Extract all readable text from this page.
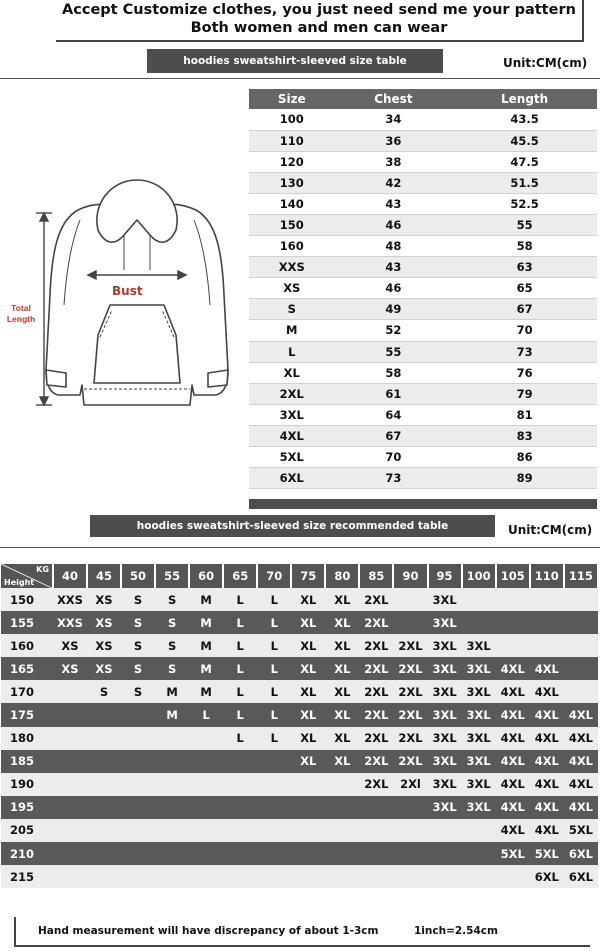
Accept Customize clothes, you just need send me your pattern
Both women and men can wear
hoodies sweatshirt-sleeved size table	Unit:CM(cm)
Total
Length
Bust
Size	Chest	Length
100	34	43.5
110	36	45.5
120	38	47.5
130	42	51.5
140	43	52.5
150	46	55
160	48	58
XXS	43	63
XS	46	65
S	49	67
M	52	70
L	55	73
XL	58	76
2XL	61	79
3XL	64	81
4XL	67	83
5XL	70	86
6XL	73	89
hoodies sweatshirt-sleeved size recommended table	Unit:CM(cm)
KG
Height	40	45	50	55	60	65	70	75	80	85	90	95	100	105	110	115
150	XXS	XS	S	S	M	L	L	XL	XL	2XL		3XL				
155	XXS	XS	S	S	M	L	L	XL	XL	2XL		3XL				
160	XS	XS	S	S	M	L	L	XL	XL	2XL	2XL	3XL	3XL			
165	XS	XS	S	S	M	L	L	XL	XL	2XL	2XL	3XL	3XL	4XL	4XL	
170		S	S	M	M	L	L	XL	XL	2XL	2XL	3XL	3XL	4XL	4XL	
175				M	L	L	L	XL	XL	2XL	2XL	3XL	3XL	4XL	4XL	4XL
180						L	L	XL	XL	2XL	2XL	3XL	3XL	4XL	4XL	4XL
185								XL	XL	2XL	2XL	3XL	3XL	4XL	4XL	4XL
190										2XL	2Xl	3XL	3XL	4XL	4XL	4XL
195												3XL	3XL	4XL	4XL	4XL
205														4XL	4XL	5XL
210														5XL	5XL	6XL
215															6XL	6XL
Hand measurement will have discrepancy of about 1-3cm	1inch=2.54cm
